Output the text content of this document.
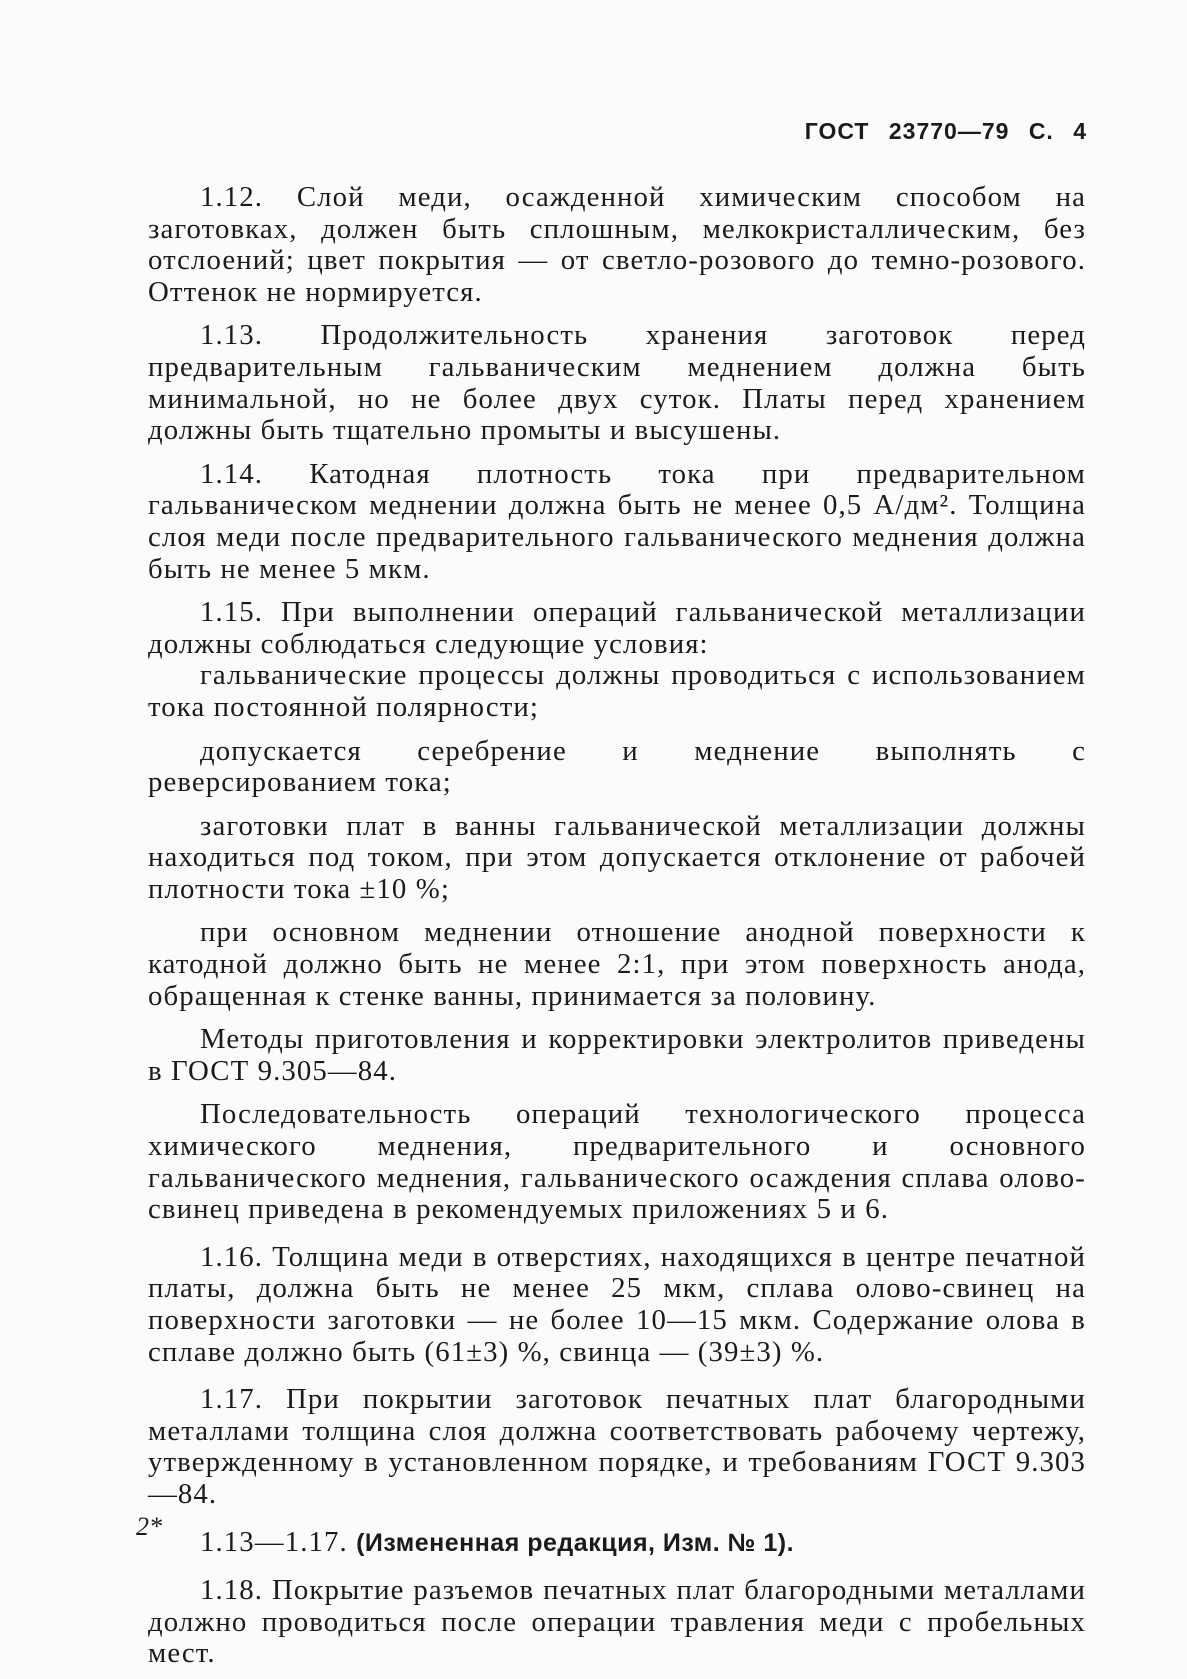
ГОСТ 23770—79 С. 4

1.12. Слой меди, осажденной химическим способом на заготовках, должен быть сплошным, мелкокристаллическим, без отслоений; цвет покрытия — от светло-розового до темно-розового. Оттенок не нормируется.

1.13. Продолжительность хранения заготовок перед предварительным гальваническим меднением должна быть минимальной, но не более двух суток. Платы перед хранением должны быть тщательно промыты и высушены.

1.14. Катодная плотность тока при предварительном гальваническом меднении должна быть не менее 0,5 А/дм². Толщина слоя меди после предварительного гальванического меднения должна быть не менее 5 мкм.

1.15. При выполнении операций гальванической металлизации должны соблюдаться следующие условия:

гальванические процессы должны проводиться с использованием тока постоянной полярности;

допускается серебрение и меднение выполнять с реверсированием тока;

заготовки плат в ванны гальванической металлизации должны находиться под током, при этом допускается отклонение от рабочей плотности тока ±10 %;

при основном меднении отношение анодной поверхности к катодной должно быть не менее 2:1, при этом поверхность анода, обращенная к стенке ванны, принимается за половину.

Методы приготовления и корректировки электролитов приведены в ГОСТ 9.305—84.

Последовательность операций технологического процесса химического меднения, предварительного и основного гальванического меднения, гальванического осаждения сплава олово-свинец приведена в рекомендуемых приложениях 5 и 6.

1.16. Толщина меди в отверстиях, находящихся в центре печатной платы, должна быть не менее 25 мкм, сплава олово-свинец на поверхности заготовки — не более 10—15 мкм. Содержание олова в сплаве должно быть (61±3) %, свинца — (39±3) %.

1.17. При покрытии заготовок печатных плат благородными металлами толщина слоя должна соответствовать рабочему чертежу, утвержденному в установленном порядке, и требованиям ГОСТ 9.303—84.

1.13—1.17. (Измененная редакция, Изм. № 1).

1.18. Покрытие разъемов печатных плат благородными металлами должно проводиться после операции травления меди с пробельных мест.

2*
